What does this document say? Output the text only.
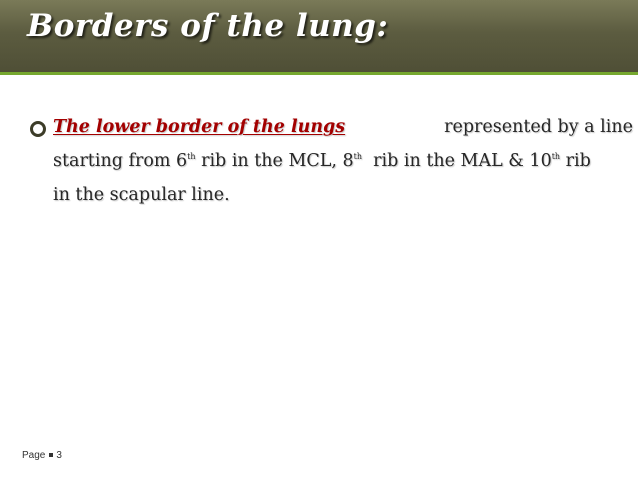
Borders of the lung:
The lower border of the lungs	represented by a line
starting from 6th rib in the MCL, 8th  rib in the MAL & 10th rib
in the scapular line.
Page 3
